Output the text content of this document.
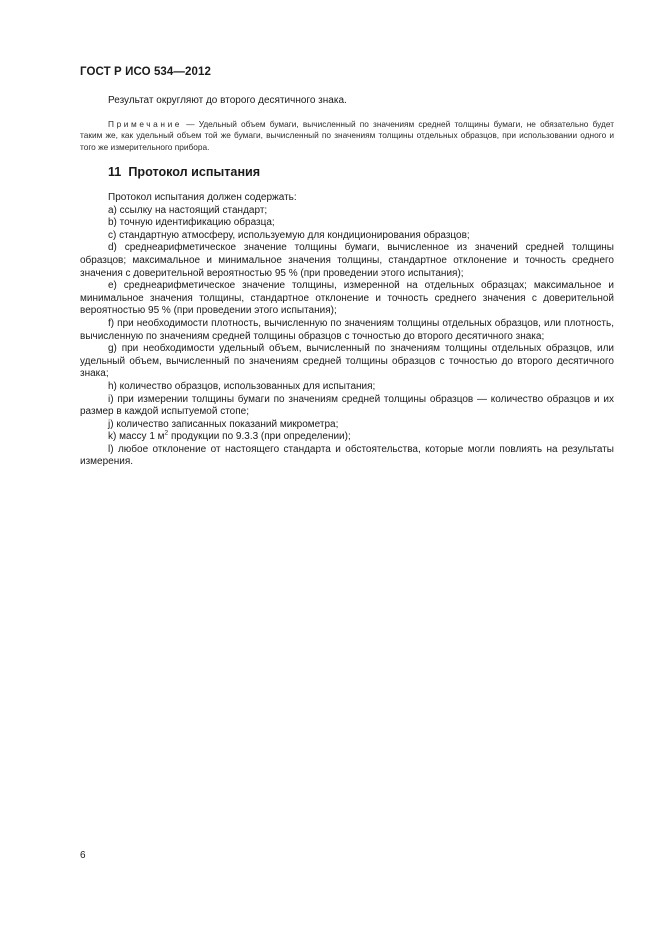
ГОСТ Р ИСО 534—2012

Результат округляют до второго десятичного знака.

Примечание — Удельный объем бумаги, вычисленный по значениям средней толщины бумаги, не обязательно будет таким же, как удельный объем той же бумаги, вычисленный по значениям толщины отдельных образцов, при использовании одного и того же измерительного прибора.

11 Протокол испытания

Протокол испытания должен содержать:

a) ссылку на настоящий стандарт;

b) точную идентификацию образца;

c) стандартную атмосферу, используемую для кондиционирования образцов;

d) среднеарифметическое значение толщины бумаги, вычисленное из значений средней толщины образцов; максимальное и минимальное значения толщины, стандартное отклонение и точность среднего значения с доверительной вероятностью 95 % (при проведении этого испытания);

e) среднеарифметическое значение толщины, измеренной на отдельных образцах; максимальное и минимальное значения толщины, стандартное отклонение и точность среднего значения с доверительной вероятностью 95 % (при проведении этого испытания);

f) при необходимости плотность, вычисленную по значениям толщины отдельных образцов, или плотность, вычисленную по значениям средней толщины образцов с точностью до второго десятичного знака;

g) при необходимости удельный объем, вычисленный по значениям толщины отдельных образцов, или удельный объем, вычисленный по значениям средней толщины образцов с точностью до второго десятичного знака;

h) количество образцов, использованных для испытания;

i) при измерении толщины бумаги по значениям средней толщины образцов — количество образцов и их размер в каждой испытуемой стопе;

j) количество записанных показаний микрометра;

k) массу 1 $м^2$ продукции по 9.3.3 (при определении);

l) любое отклонение от настоящего стандарта и обстоятельства, которые могли повлиять на результаты измерения.

6
